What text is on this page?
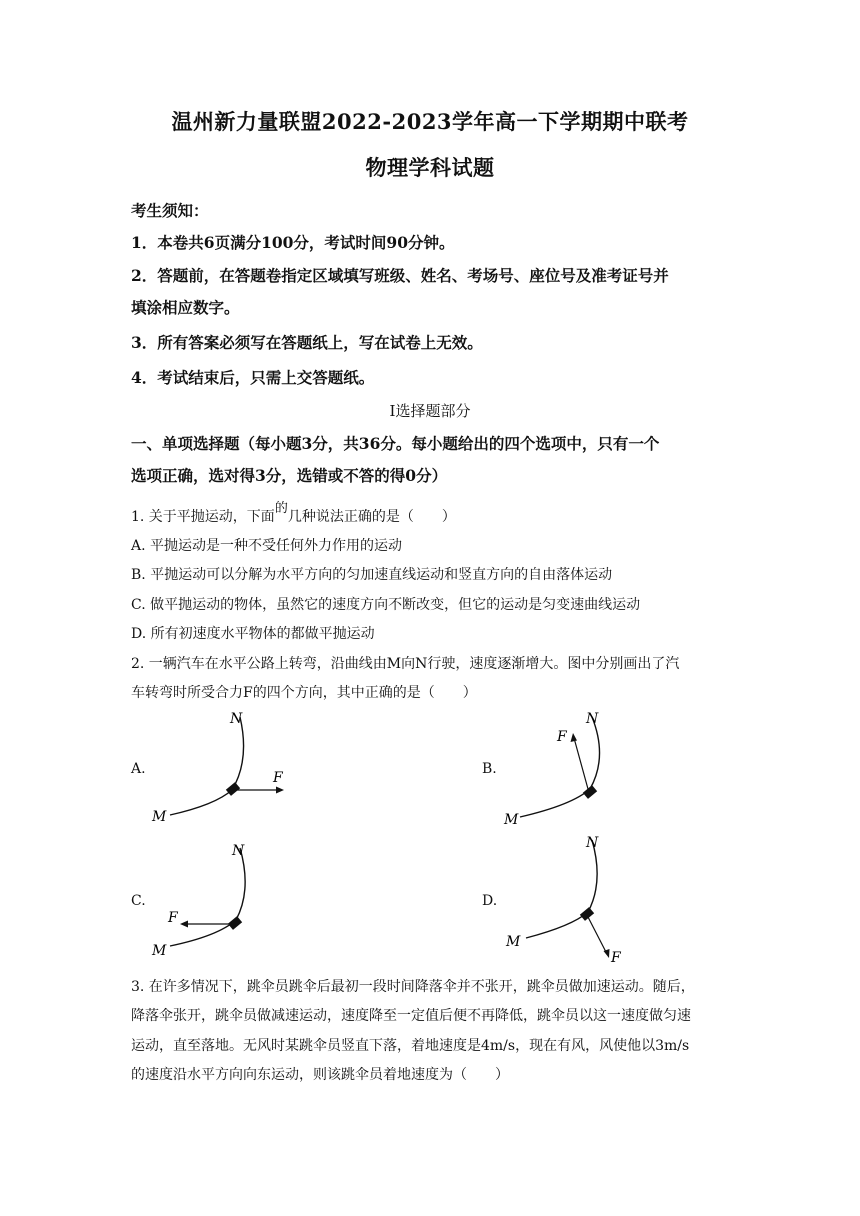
温州新力量联盟2022-2023学年高一下学期期中联考
物理学科试题
考生须知：
1．本卷共6页满分100分，考试时间90分钟。
2．答题前，在答题卷指定区域填写班级、姓名、考场号、座位号及准考证号并
填涂相应数字。
3．所有答案必须写在答题纸上，写在试卷上无效。
4．考试结束后，只需上交答题纸。
Ⅰ选择题部分
一、单项选择题（每小题3分，共36分。每小题给出的四个选项中，只有一个
选项正确，选对得3分，选错或不答的得0分）
1. 关于平抛运动，下面的几种说法正确的是（　　）
A. 平抛运动是一种不受任何外力作用的运动
B. 平抛运动可以分解为水平方向的匀加速直线运动和竖直方向的自由落体运动
C. 做平抛运动的物体，虽然它的速度方向不断改变，但它的运动是匀变速曲线运动
D. 所有初速度水平物体的都做平抛运动
2. 一辆汽车在水平公路上转弯，沿曲线由M向N行驶，速度逐渐增大。图中分别画出了汽
车转弯时所受合力F的四个方向，其中正确的是（　　）
A.
M
N
F
B.
M
N
F
C.
M
N
F
D.
M
N
F
3. 在许多情况下，跳伞员跳伞后最初一段时间降落伞并不张开，跳伞员做加速运动。随后，
降落伞张开，跳伞员做减速运动，速度降至一定值后便不再降低，跳伞员以这一速度做匀速
运动，直至落地。无风时某跳伞员竖直下落，着地速度是4m/s，现在有风，风使他以3m/s
的速度沿水平方向向东运动，则该跳伞员着地速度为（　　）
